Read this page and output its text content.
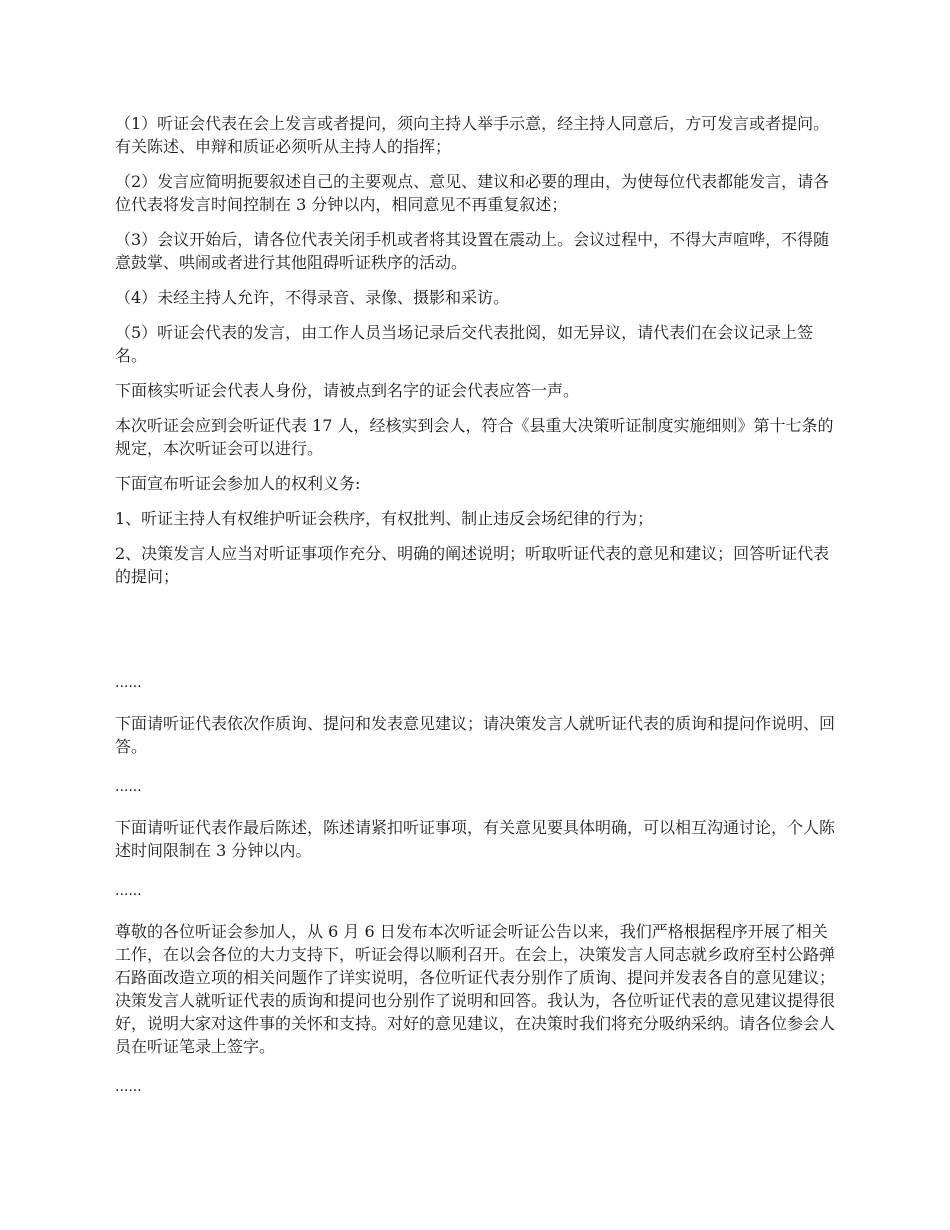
（1）听证会代表在会上发言或者提问，须向主持人举手示意，经主持人同意后，方可发言或者提问。有关陈述、申辩和质证必须听从主持人的指挥；

（2）发言应简明扼要叙述自己的主要观点、意见、建议和必要的理由，为使每位代表都能发言，请各位代表将发言时间控制在 3 分钟以内，相同意见不再重复叙述；

（3）会议开始后，请各位代表关闭手机或者将其设置在震动上。会议过程中，不得大声喧哗，不得随意鼓掌、哄闹或者进行其他阻碍听证秩序的活动。

（4）未经主持人允许，不得录音、录像、摄影和采访。

（5）听证会代表的发言，由工作人员当场记录后交代表批阅，如无异议，请代表们在会议记录上签名。

下面核实听证会代表人身份，请被点到名字的证会代表应答一声。

本次听证会应到会听证代表 17 人，经核实到会人，符合《县重大决策听证制度实施细则》第十七条的规定，本次听证会可以进行。

下面宣布听证会参加人的权利义务:

1、听证主持人有权维护听证会秩序，有权批判、制止违反会场纪律的行为；

2、决策发言人应当对听证事项作充分、明确的阐述说明；听取听证代表的意见和建议；回答听证代表的提问；

......

下面请听证代表依次作质询、提问和发表意见建议；请决策发言人就听证代表的质询和提问作说明、回答。

......

下面请听证代表作最后陈述，陈述请紧扣听证事项，有关意见要具体明确，可以相互沟通讨论，个人陈述时间限制在 3 分钟以内。

......

尊敬的各位听证会参加人，从 6 月 6 日发布本次听证会听证公告以来，我们严格根据程序开展了相关工作，在以会各位的大力支持下，听证会得以顺利召开。在会上，决策发言人同志就乡政府至村公路弹石路面改造立项的相关问题作了详实说明，各位听证代表分别作了质询、提问并发表各自的意见建议；决策发言人就听证代表的质询和提问也分别作了说明和回答。我认为，各位听证代表的意见建议提得很好，说明大家对这件事的关怀和支持。对好的意见建议，在决策时我们将充分吸纳采纳。请各位参会人员在听证笔录上签字。

......
